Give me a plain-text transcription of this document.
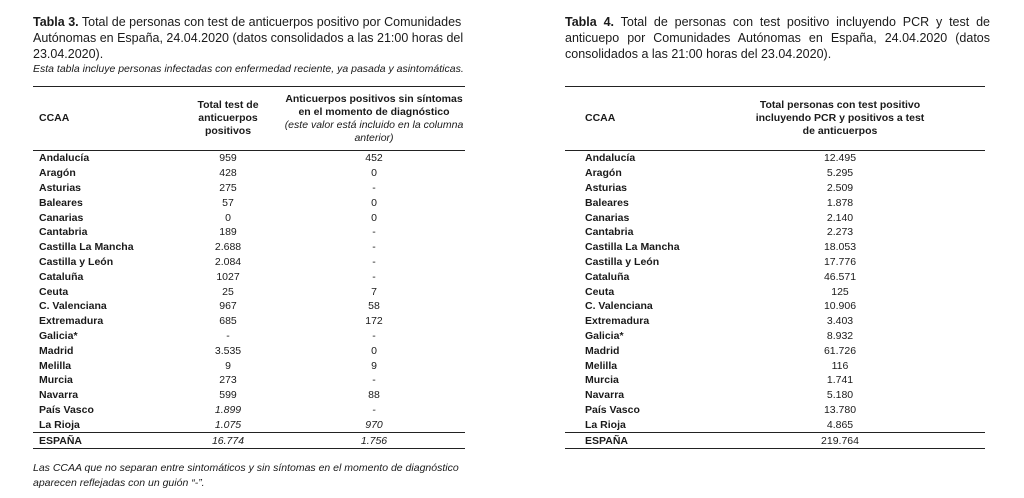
Tabla 3. Total de personas con test de anticuerpos positivo por Comunidades Autónomas en España, 24.04.2020 (datos consolidados a las 21:00 horas del 23.04.2020).

Esta tabla incluye personas infectadas con enfermedad reciente, ya pasada y asintomáticas.

CCAA	Total test de anticuerpos positivos	Anticuerpos positivos sin síntomas en el momento de diagnóstico
(este valor está incluido en la columna anterior)

Andalucía	959	452
Aragón	428	0
Asturias	275	-
Baleares	57	0
Canarias	0	0
Cantabria	189	-
Castilla La Mancha	2.688	-
Castilla y León	2.084	-
Cataluña	1027	-
Ceuta	25	7
C. Valenciana	967	58
Extremadura	685	172
Galicia*	-	-
Madrid	3.535	0
Melilla	9	9
Murcia	273	-
Navarra	599	88
País Vasco	1.899	-
La Rioja	1.075	970
ESPAÑA	16.774	1.756

Tabla 4. Total de personas con test positivo incluyendo PCR y test de anticuepo por Comunidades Autónomas en España, 24.04.2020 (datos consolidados a las 21:00 horas del 23.04.2020).

CCAA	Total personas con test positivo incluyendo PCR y positivos a test de anticuerpos
Andalucía	12.495
Aragón	5.295
Asturias	2.509
Baleares	1.878
Canarias	2.140
Cantabria	2.273
Castilla La Mancha	18.053
Castilla y León	17.776
Cataluña	46.571
Ceuta	125
C. Valenciana	10.906
Extremadura	3.403
Galicia*	8.932
Madrid	61.726
Melilla	116
Murcia	1.741
Navarra	5.180
País Vasco	13.780
La Rioja	4.865
ESPAÑA	219.764
Las CCAA que no separan entre sintomáticos y sin síntomas en el momento de diagnóstico
aparecen reflejadas con un guión “-”.
